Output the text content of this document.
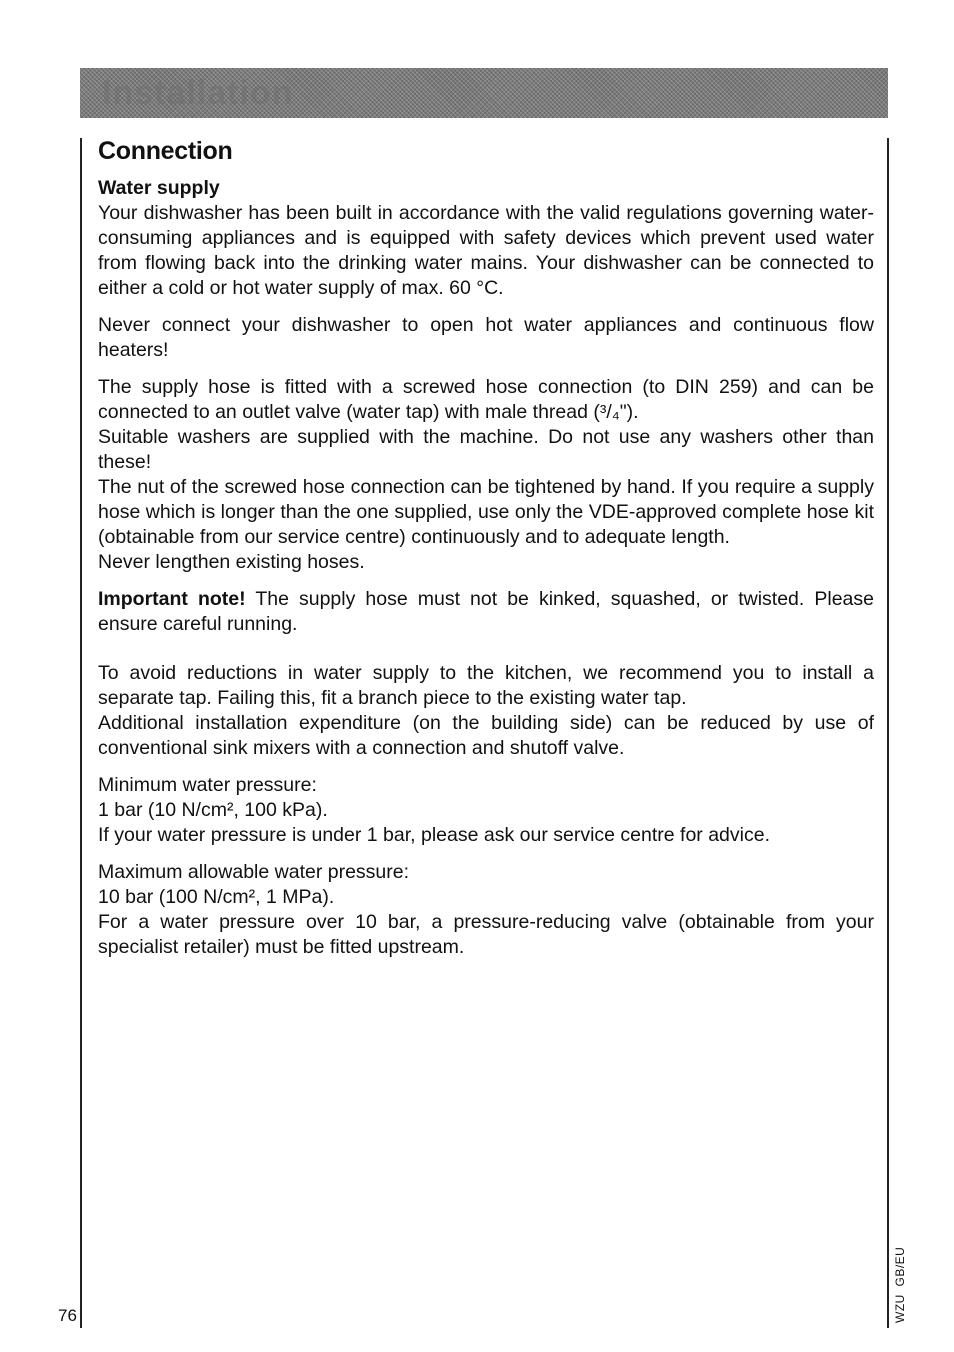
Installation
Connection
Water supply

Your dishwasher has been built in accordance with the valid regulations governing water-consuming appliances and is equipped with safety devices which prevent used water from flowing back into the drinking water mains. Your dishwasher can be connected to either a cold or hot water supply of max. 60 °C.

Never connect your dishwasher to open hot water appliances and continuous flow heaters!

The supply hose is fitted with a screwed hose connection (to DIN 259) and can be connected to an outlet valve (water tap) with male thread (³/₄").

Suitable washers are supplied with the machine. Do not use any washers other than these!

The nut of the screwed hose connection can be tightened by hand. If you require a supply hose which is longer than the one supplied, use only the VDE-approved complete hose kit (obtainable from our service centre) continuously and to adequate length.

Never lengthen existing hoses.

Important note! The supply hose must not be kinked, squashed, or twisted. Please ensure careful running.

To avoid reductions in water supply to the kitchen, we recommend you to install a separate tap. Failing this, fit a branch piece to the existing water tap.

Additional installation expenditure (on the building side) can be reduced by use of conventional sink mixers with a connection and shutoff valve.

Minimum water pressure:

1 bar (10 N/cm², 100 kPa).

If your water pressure is under 1 bar, please ask our service centre for advice.

Maximum allowable water pressure:

10 bar (100 N/cm², 1 MPa).

For a water pressure over 10 bar, a pressure-reducing valve (obtainable from your specialist retailer) must be fitted upstream.

76	WZU  GB/EU
